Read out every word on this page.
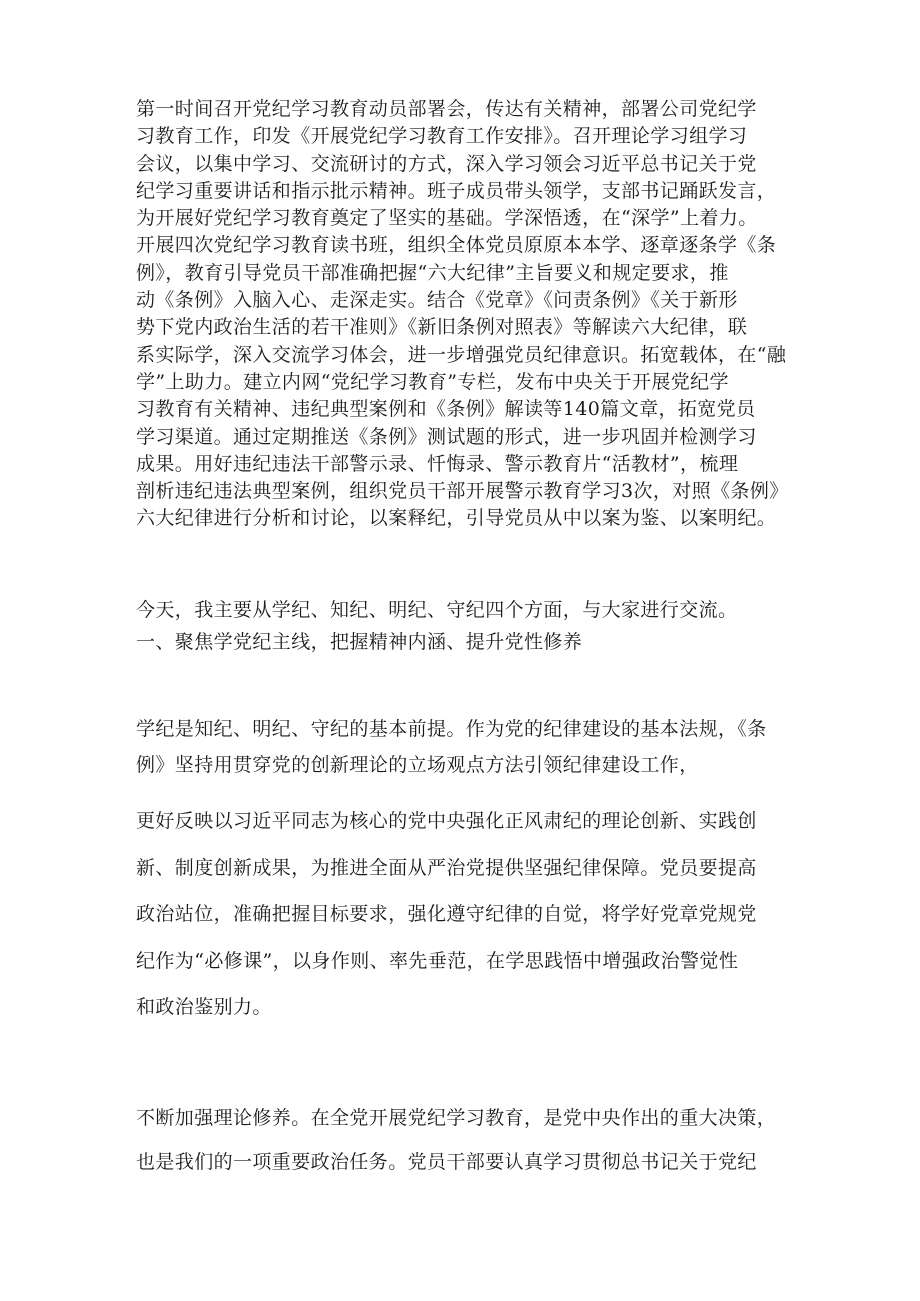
第一时间召开党纪学习教育动员部署会，传达有关精神，部署公司党纪学
习教育工作，印发《开展党纪学习教育工作安排》。召开理论学习组学习
会议，以集中学习、交流研讨的方式，深入学习领会习近平总书记关于党
纪学习重要讲话和指示批示精神。班子成员带头领学，支部书记踊跃发言，
为开展好党纪学习教育奠定了坚实的基础。学深悟透，在“深学”上着力。
开展四次党纪学习教育读书班，组织全体党员原原本本学、逐章逐条学《条
例》，教育引导党员干部准确把握“六大纪律”主旨要义和规定要求，推
动《条例》入脑入心、走深走实。结合《党章》《问责条例》《关于新形
势下党内政治生活的若干准则》《新旧条例对照表》等解读六大纪律，联
系实际学，深入交流学习体会，进一步增强党员纪律意识。拓宽载体，在“融
学”上助力。建立内网“党纪学习教育”专栏，发布中央关于开展党纪学
习教育有关精神、违纪典型案例和《条例》解读等140篇文章，拓宽党员
学习渠道。通过定期推送《条例》测试题的形式，进一步巩固并检测学习
成果。用好违纪违法干部警示录、忏悔录、警示教育片“活教材”，梳理
剖析违纪违法典型案例，组织党员干部开展警示教育学习3次，对照《条例》
六大纪律进行分析和讨论，以案释纪，引导党员从中以案为鉴、以案明纪。

今天，我主要从学纪、知纪、明纪、守纪四个方面，与大家进行交流。

一、聚焦学党纪主线，把握精神内涵、提升党性修养

学纪是知纪、明纪、守纪的基本前提。作为党的纪律建设的基本法规，《条
例》坚持用贯穿党的创新理论的立场观点方法引领纪律建设工作，
更好反映以习近平同志为核心的党中央强化正风肃纪的理论创新、实践创
新、制度创新成果，为推进全面从严治党提供坚强纪律保障。党员要提高
政治站位，准确把握目标要求，强化遵守纪律的自觉，将学好党章党规党
纪作为“必修课”，以身作则、率先垂范，在学思践悟中增强政治警觉性
和政治鉴别力。
不断加强理论修养。在全党开展党纪学习教育，是党中央作出的重大决策，
也是我们的一项重要政治任务。党员干部要认真学习贯彻总书记关于党纪
